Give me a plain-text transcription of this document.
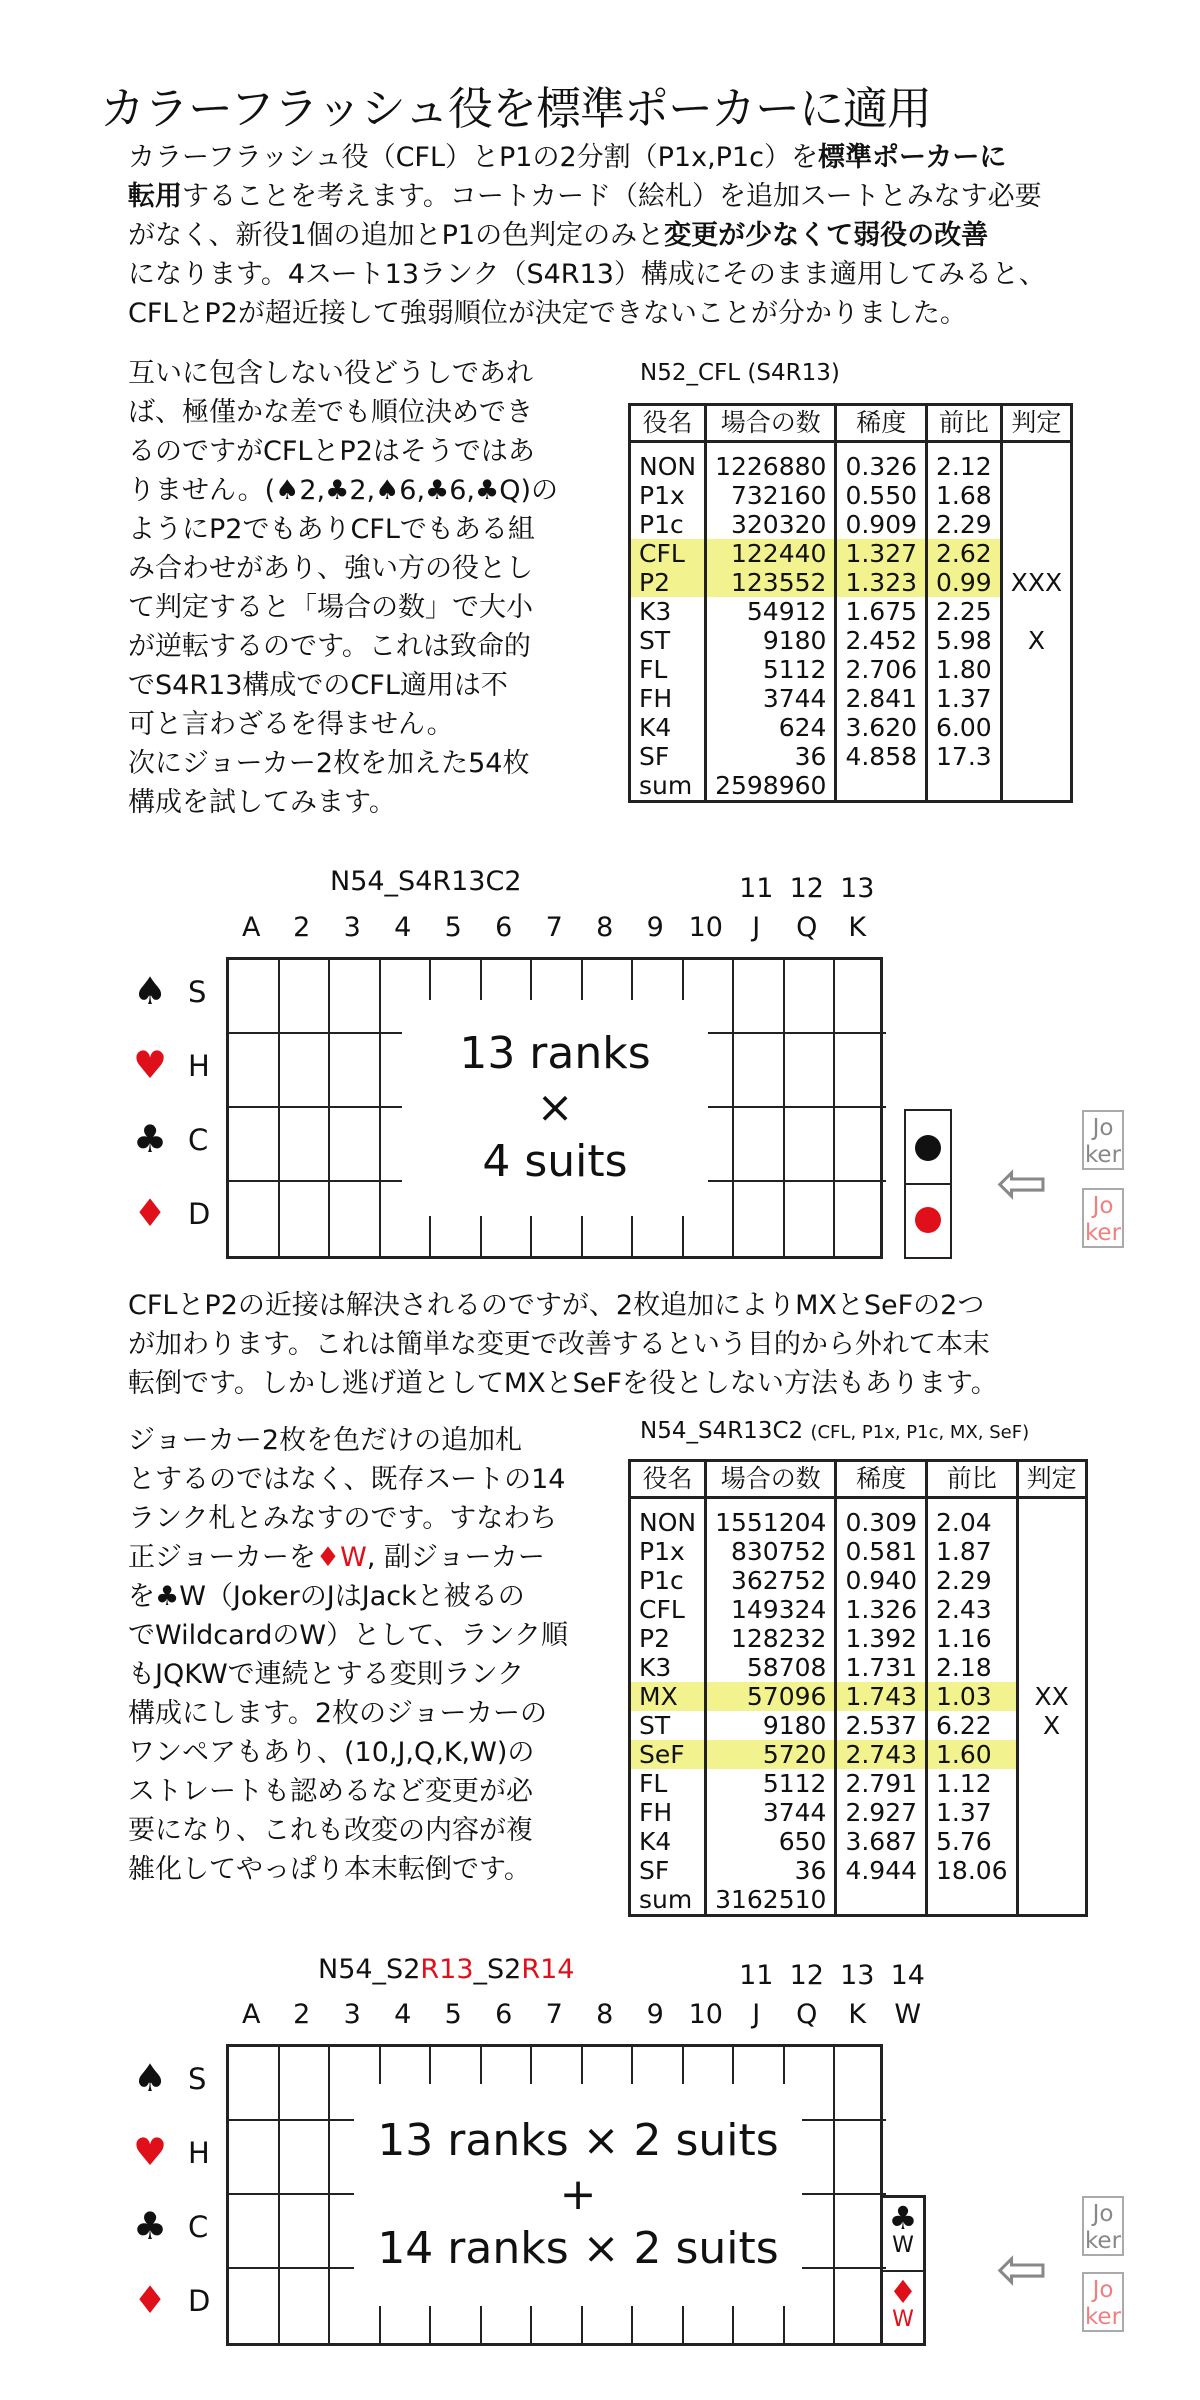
カラーフラッシュ役を標準ポーカーに適用

カラーフラッシュ役（CFL）とP1の2分割（P1x,P1c）を標準ポーカーに
転用することを考えます。コートカード（絵札）を追加スートとみなす必要
がなく、新役1個の追加とP1の色判定のみと変更が少なくて弱役の改善
になります。4スート13ランク（S4R13）構成にそのまま適用してみると、
CFLとP2が超近接して強弱順位が決定できないことが分かりました。

互いに包含しない役どうしであれ
ば、極僅かな差でも順位決めでき
るのですがCFLとP2はそうではあ
りません。(♠2,♣2,♠6,♣6,♣Q)の
ようにP2でもありCFLでもある組
み合わせがあり、強い方の役とし
て判定すると「場合の数」で大小
が逆転するのです。これは致命的
でS4R13構成でのCFL適用は不
可と言わざるを得ません。
次にジョーカー2枚を加えた54枚
構成を試してみます。

N52_CFL (S4R13)
役名	場合の数	稀度	前比	判定
NON	1226880	0.326	2.12	
P1x	732160	0.550	1.68	
P1c	320320	0.909	2.29	
CFL	122440	1.327	2.62	
P2	123552	1.323	0.99	XXX
K3	54912	1.675	2.25	
ST	9180	2.452	5.98	X
FL	5112	2.706	1.80	
FH	3744	2.841	1.37	
K4	624	3.620	6.00	
SF	36	4.858	17.3	
sum	2598960			
N54_S4R13C2	11 12 13
A	2	3	4	5	6	7	8	9 10	J	Q	K
♠ S
♥ H
♣ C
♦ D
13 ranks
×
4 suits	⇦
Jo
ker
Jo
ker

CFLとP2の近接は解決されるのですが、2枚追加によりMXとSeFの2つ
が加わります。これは簡単な変更で改善するという目的から外れて本末
転倒です。しかし逃げ道としてMXとSeFを役としない方法もあります。

ジョーカー2枚を色だけの追加札
とするのではなく、既存スートの14
ランク札とみなすのです。すなわち
正ジョーカーを♦W, 副ジョーカー
を♣W（JokerのJはJackと被るの
でWildcardのW）として、ランク順
もJQKWで連続とする変則ランク
構成にします。2枚のジョーカーの
ワンペアもあり、(10,J,Q,K,W)の
ストレートも認めるなど変更が必
要になり、これも改変の内容が複
雑化してやっぱり本末転倒です。

N54_S4R13C2 (CFL, P1x, P1c, MX, SeF)
役名	場合の数	稀度	前比	判定
NON	1551204	0.309	2.04	
P1x	830752	0.581	1.87	
P1c	362752	0.940	2.29	
CFL	149324	1.326	2.43	
P2	128232	1.392	1.16	
K3	58708	1.731	2.18	
MX	57096	1.743	1.03	XX
ST	9180	2.537	6.22	X
SeF	5720	2.743	1.60	
FL	5112	2.791	1.12	
FH	3744	2.927	1.37	
K4	650	3.687	5.76	
SF	36	4.944	18.06	
sum	3162510			
N54_S2R13_S2R14	11 12 13 14
A	2	3	4	5	6	7	8	9 10	J	Q	K	W
♠ S
♥ H
♣ C
♦ D
13 ranks × 2 suits
+
14 ranks × 2 suits
♣
W
♦
W
⇦
Jo
ker
Jo
ker
